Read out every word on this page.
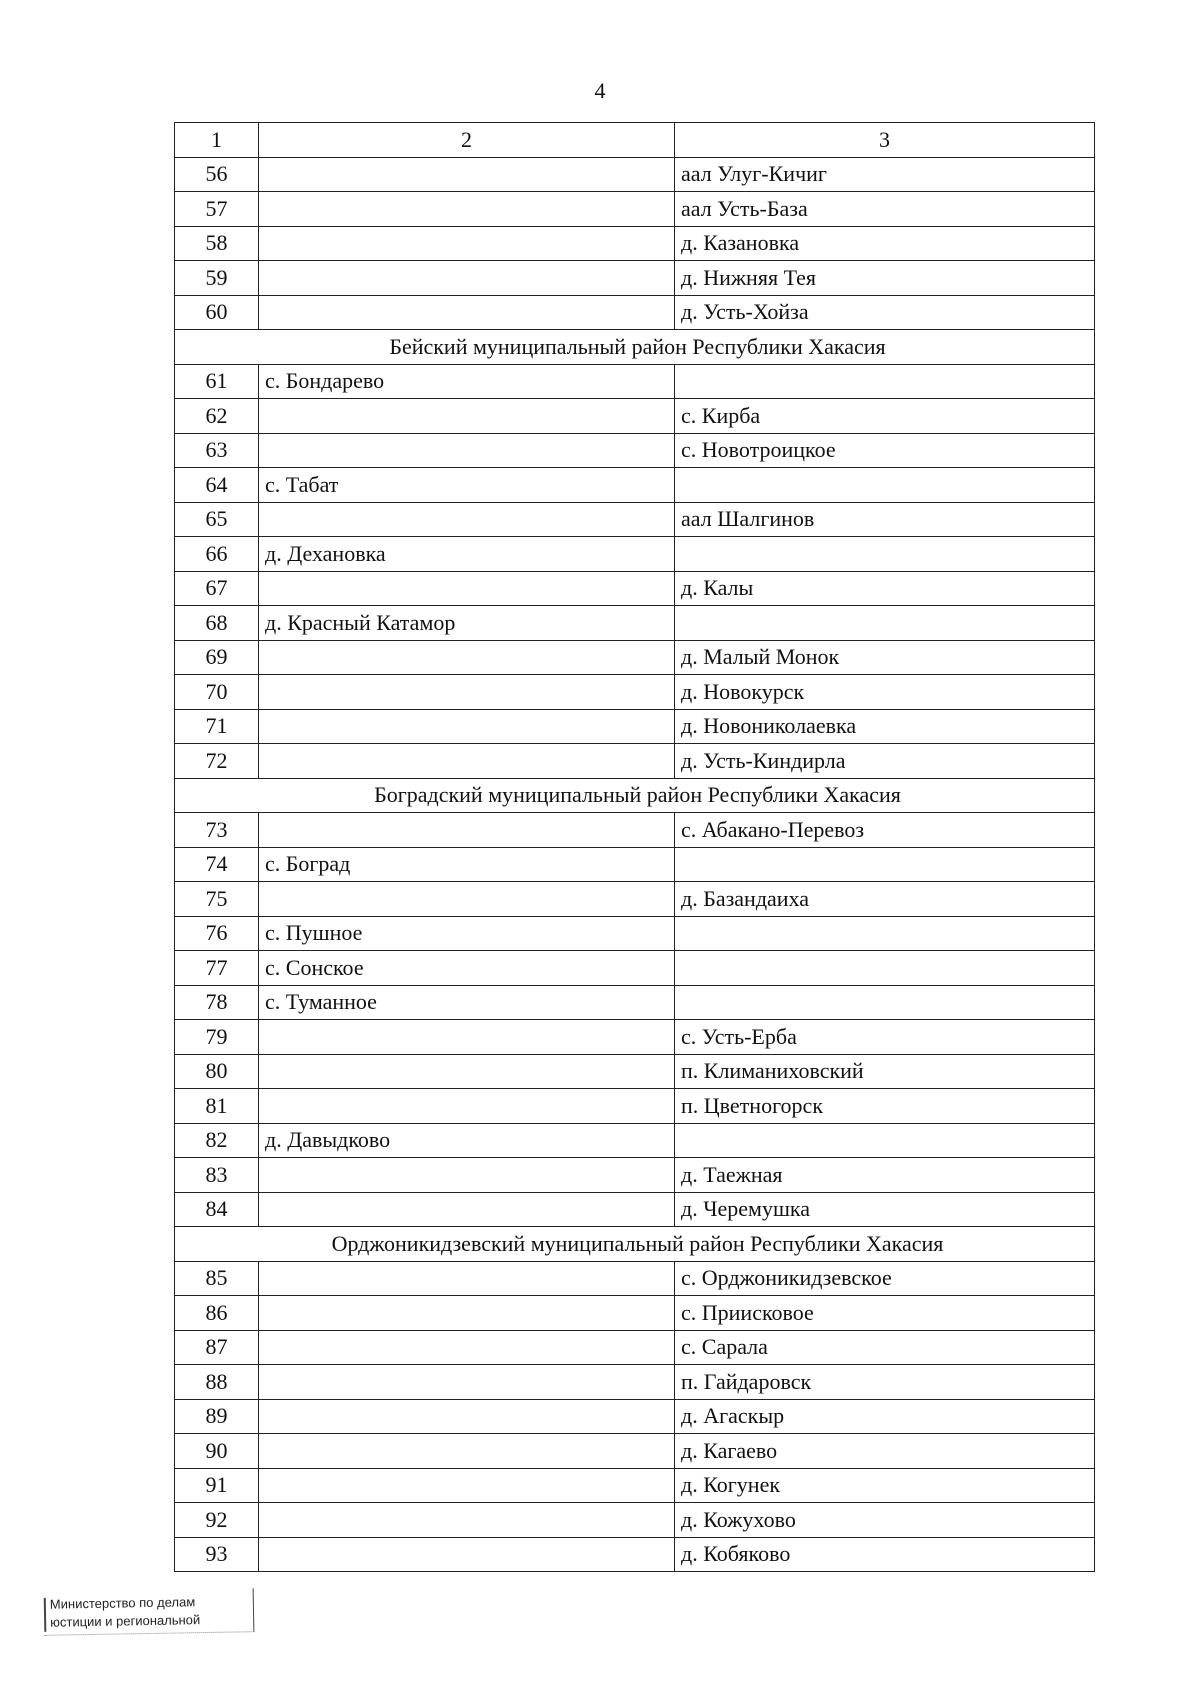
4
1	2	3
56		аал Улуг-Кичиг
57		аал Усть-База
58		д. Казановка
59		д. Нижняя Тея
60		д. Усть-Хойза
Бейский муниципальный район Республики Хакасия		
61	с. Бондарево	
62		с. Кирба
63		с. Новотроицкое
64	с. Табат	
65		аал Шалгинов
66	д. Дехановка	
67		д. Калы
68	д. Красный Катамор	
69		д. Малый Монок
70		д. Новокурск
71		д. Новониколаевка
72		д. Усть-Киндирла
Боградский муниципальный район Республики Хакасия		
73		с. Абакано-Перевоз
74	с. Боград	
75		д. Базандаиха
76	с. Пушное	
77	с. Сонское	
78	с. Туманное	
79		с. Усть-Ерба
80		п. Климаниховский
81		п. Цветногорск
82	д. Давыдково	
83		д. Таежная
84		д. Черемушка
Орджоникидзевский муниципальный район Республики Хакасия		
85		с. Орджоникидзевское
86		с. Приисковое
87		с. Сарала
88		п. Гайдаровск
89		д. Агаскыр
90		д. Кагаево
91		д. Когунек
92		д. Кожухово
93		д. Кобяково
Министерство по делам
юстиции и региональной
